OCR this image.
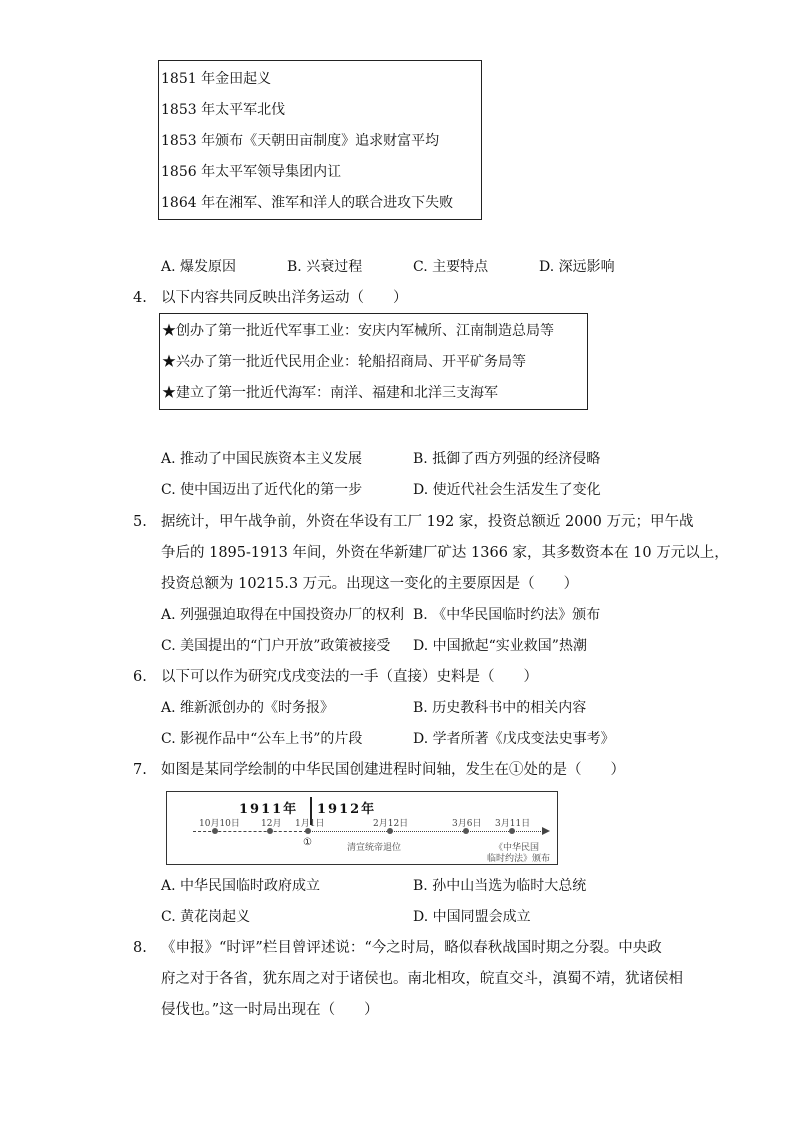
1851 年金田起义
1853 年太平军北伐
1853 年颁布《天朝田亩制度》追求财富平均
1856 年太平军领导集团内讧
1864 年在湘军、淮军和洋人的联合进攻下失败
A. 爆发原因	B. 兴衰过程	C. 主要特点	D. 深远影响
4. 以下内容共同反映出洋务运动（　　）
★创办了第一批近代军事工业：安庆内军械所、江南制造总局等
★兴办了第一批近代民用企业：轮船招商局、开平矿务局等
★建立了第一批近代海军：南洋、福建和北洋三支海军
A. 推动了中国民族资本主义发展	B. 抵御了西方列强的经济侵略
C. 使中国迈出了近代化的第一步	D. 使近代社会生活发生了变化
5. 据统计，甲午战争前，外资在华设有工厂 192 家，投资总额近 2000 万元；甲午战
争后的 1895-1913 年间，外资在华新建厂矿达 1366 家，其多数资本在 10 万元以上，
投资总额为 10215.3 万元。出现这一变化的主要原因是（　　）
A. 列强强迫取得在中国投资办厂的权利 B. 《中华民国临时约法》颁布
C. 美国提出的“门户开放”政策被接受 D. 中国掀起“实业救国”热潮
6. 以下可以作为研究戊戌变法的一手（直接）史料是（　　）
A. 维新派创办的《时务报》	B. 历史教科书中的相关内容
C. 影视作品中“公车上书”的片段	D. 学者所著《戊戌变法史事考》
7. 如图是某同学绘制的中华民国创建进程时间轴，发生在①处的是（　　）
1911年 1912年
10月10日 12月 1月1日	2月12日	3月6日 3月11日
①	清宣统帝退位	《中华民国
临时约法》颁布
A. 中华民国临时政府成立	B. 孙中山当选为临时大总统
C. 黄花岗起义	D. 中国同盟会成立
8. 《申报》“时评”栏目曾评述说：“今之时局，略似春秋战国时期之分裂。中央政
府之对于各省，犹东周之对于诸侯也。南北相攻，皖直交斗，滇蜀不靖，犹诸侯相
侵伐也。”这一时局出现在（　　）
